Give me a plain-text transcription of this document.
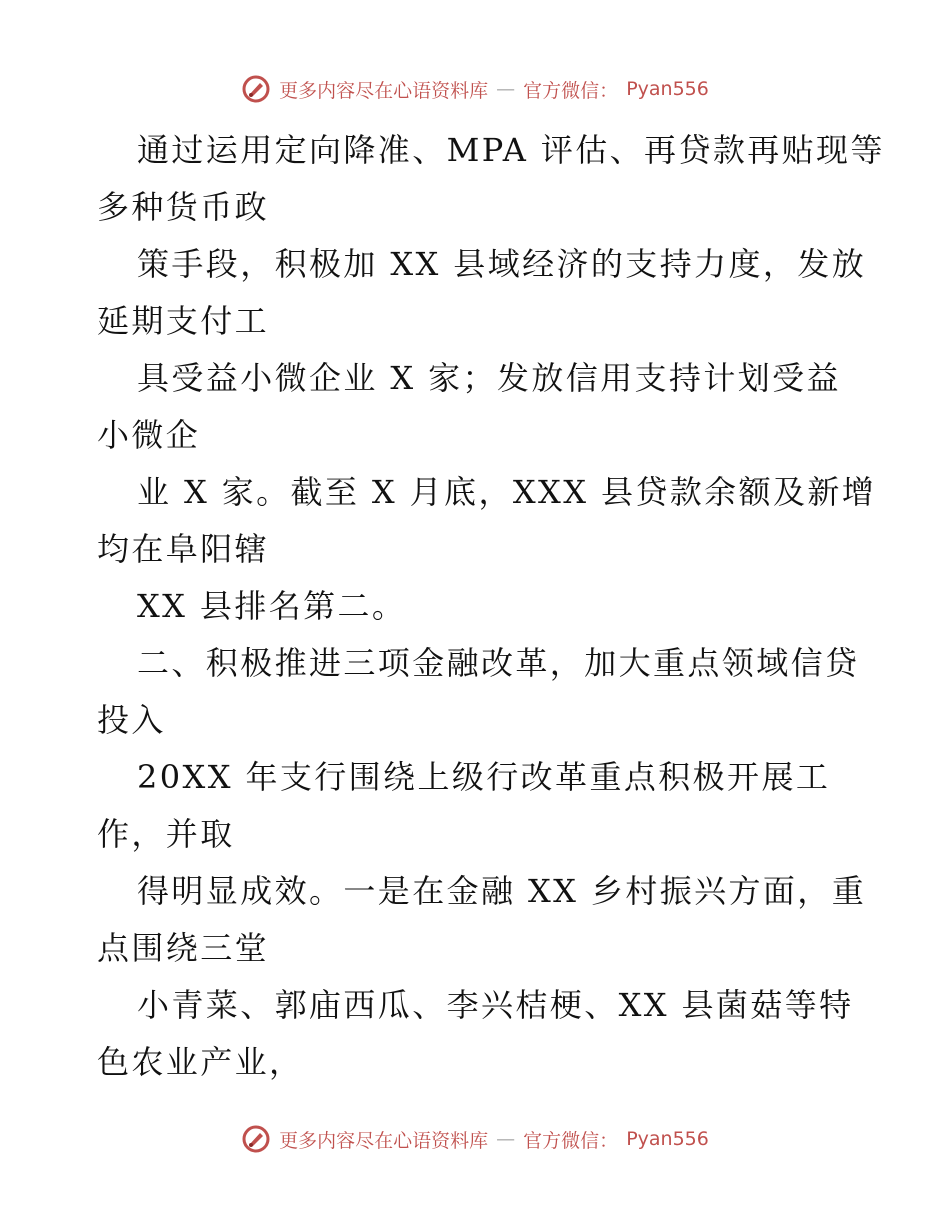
更多内容尽在心语资料库 — 官方微信： Pyan556
通过运用定向降准、MPA 评估、再贷款再贴现等
多种货币政
策手段，积极加 XX 县域经济的支持力度，发放
延期支付工
具受益小微企业 X 家；发放信用支持计划受益
小微企
业 X 家。截至 X 月底，XXX 县贷款余额及新增
均在阜阳辖
XX 县排名第二。
二、积极推进三项金融改革，加大重点领域信贷
投入
20XX 年支行围绕上级行改革重点积极开展工
作，并取
得明显成效。一是在金融 XX 乡村振兴方面，重
点围绕三堂
小青菜、郭庙西瓜、李兴桔梗、XX 县菌菇等特
色农业产业，
更多内容尽在心语资料库 — 官方微信： Pyan556
